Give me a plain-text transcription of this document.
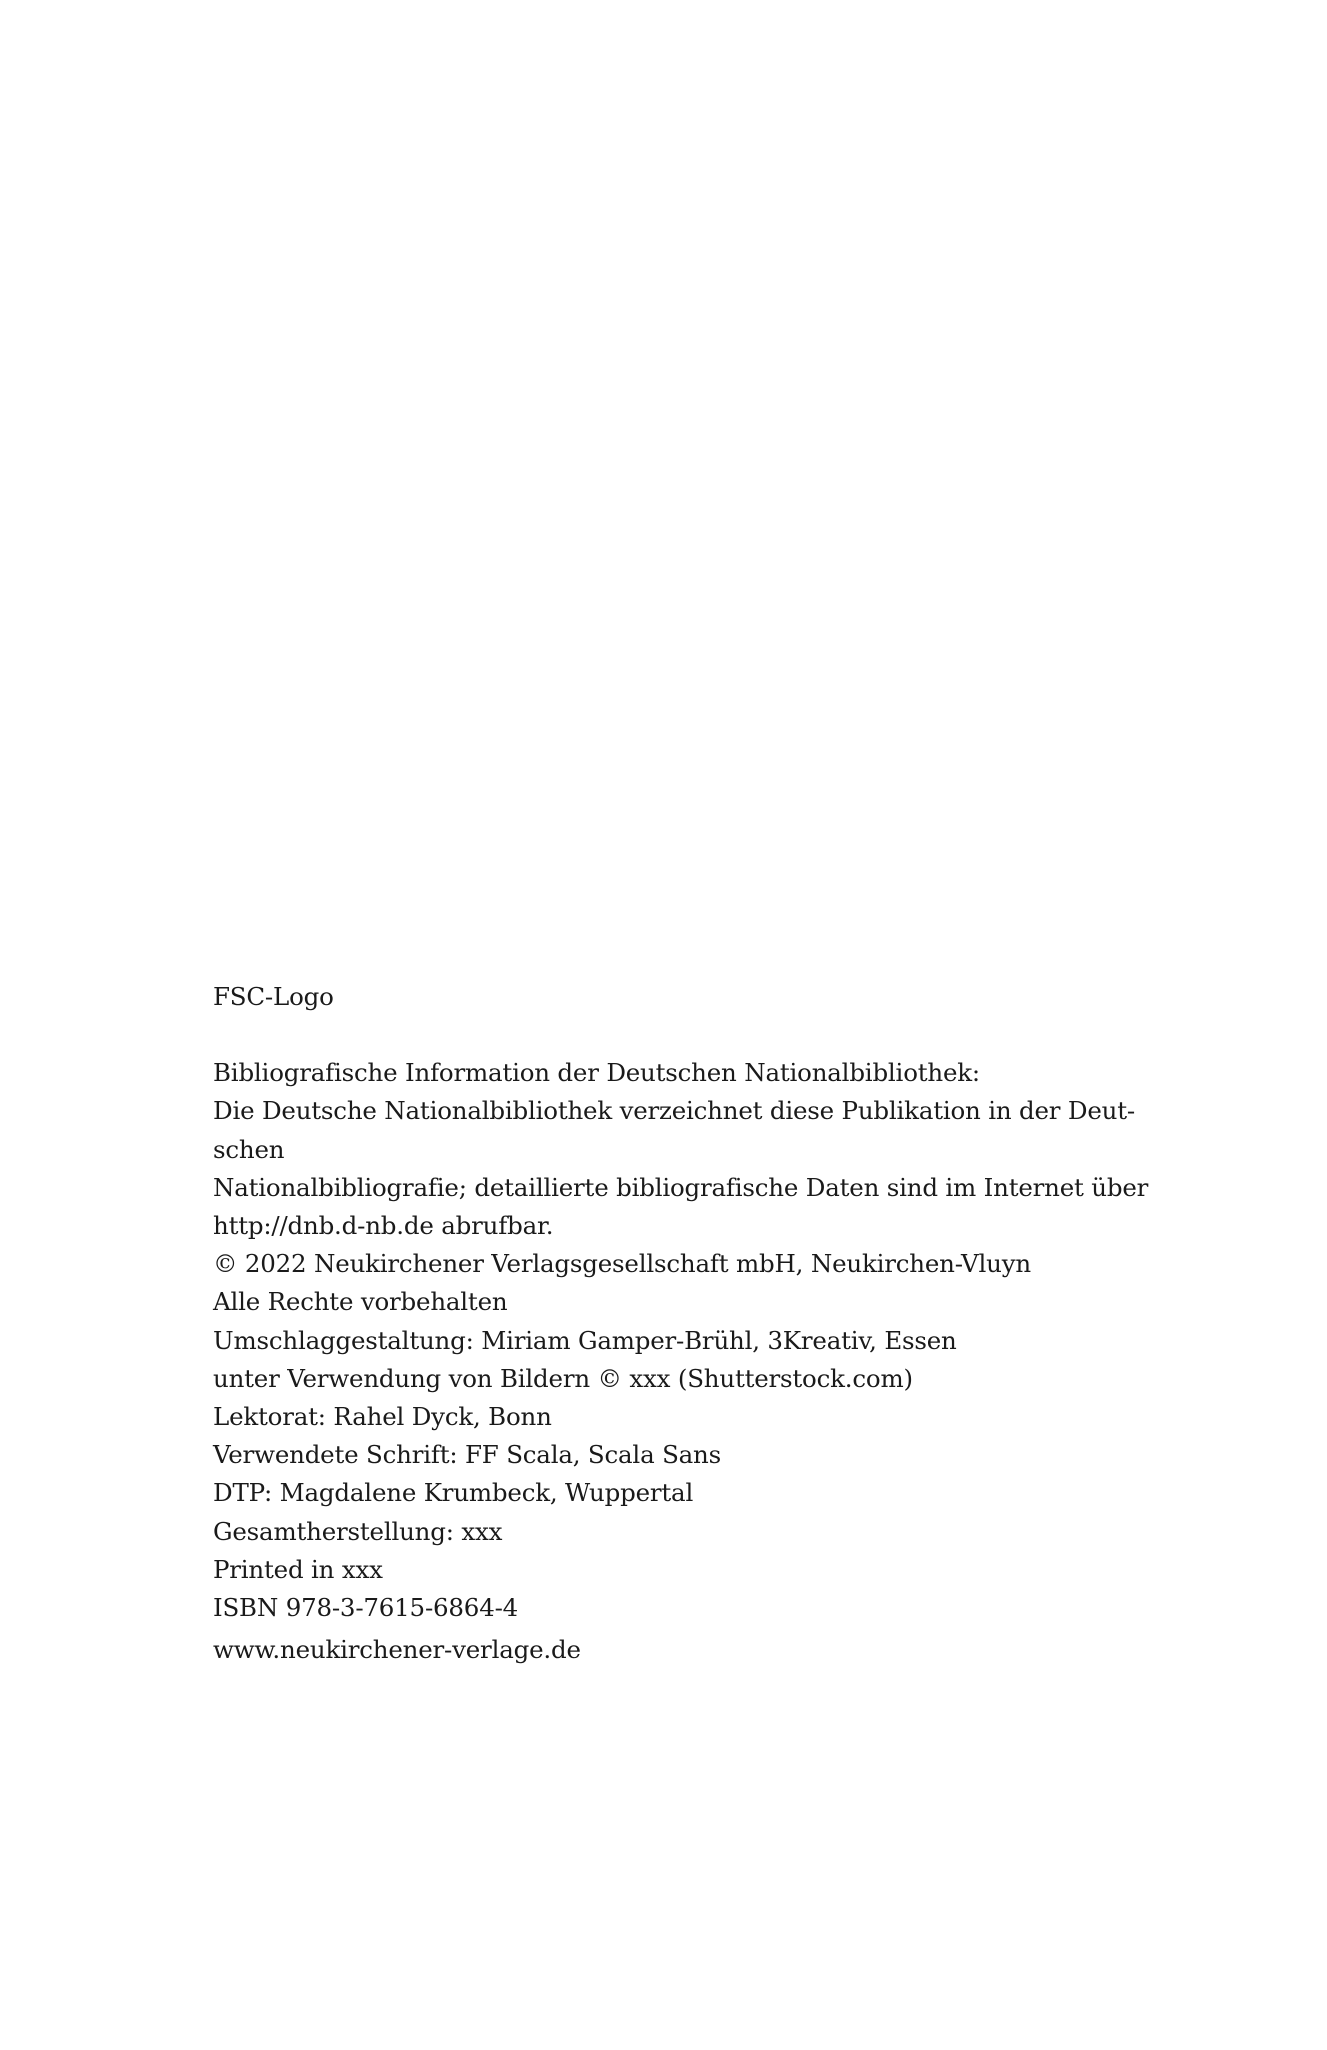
FSC-Logo
Bibliografische Information der Deutschen Nationalbibliothek:
Die Deutsche Nationalbibliothek verzeichnet diese Publikation in der Deut-
schen
Nationalbibliografie; detaillierte bibliografische Daten sind im Internet über
http://dnb.d-nb.de abrufbar.
© 2022 Neukirchener Verlagsgesellschaft mbH, Neukirchen-Vluyn
Alle Rechte vorbehalten
Umschlaggestaltung: Miriam Gamper-Brühl, 3Kreativ, Essen
unter Verwendung von Bildern © xxx (Shutterstock.com)
Lektorat: Rahel Dyck, Bonn
Verwendete Schrift: FF Scala, Scala Sans
DTP: Magdalene Krumbeck, Wuppertal
Gesamtherstellung: xxx
Printed in xxx
ISBN 978-3-7615-6864-4
www.neukirchener-verlage.de
